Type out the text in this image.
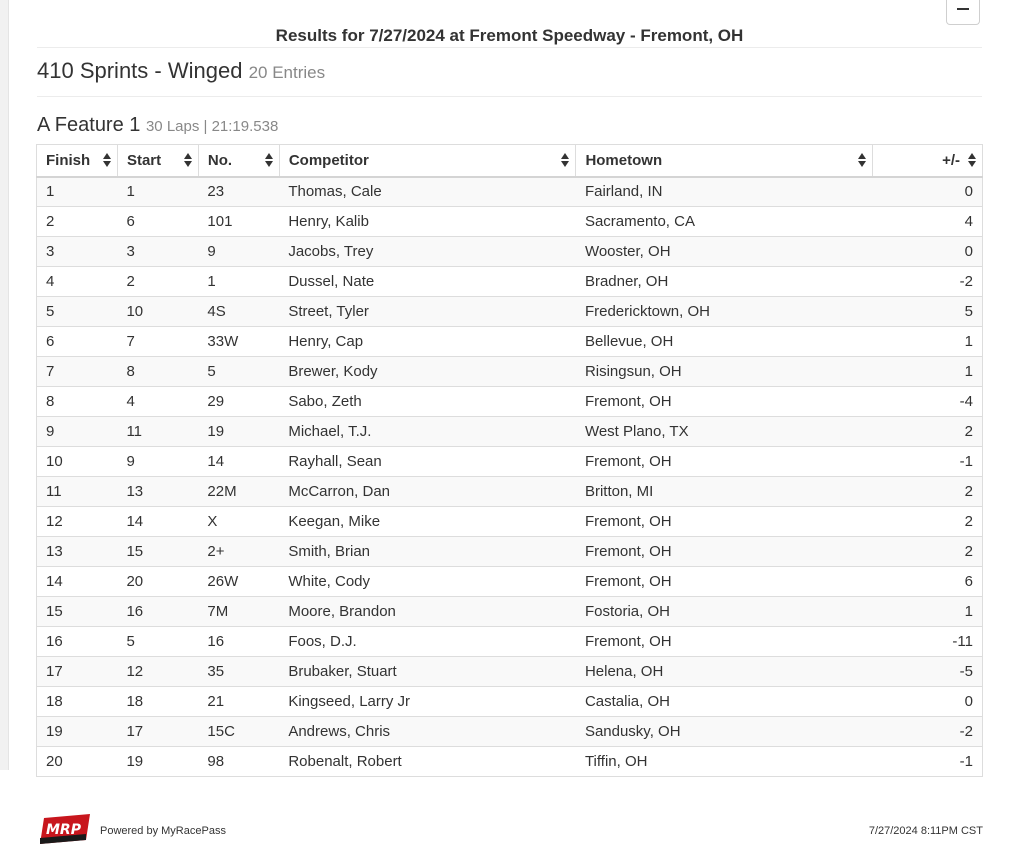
Results for 7/27/2024 at Fremont Speedway - Fremont, OH
410 Sprints - Winged 20 Entries
A Feature 1 30 Laps | 21:19.538
Finish	Start	No.	Competitor	Hometown	+/-

1	1	23	Thomas, Cale	Fairland, IN	0
2	6	101	Henry, Kalib	Sacramento, CA	4
3	3	9	Jacobs, Trey	Wooster, OH	0
4	2	1	Dussel, Nate	Bradner, OH	-2
5	10	4S	Street, Tyler	Fredericktown, OH	5
6	7	33W	Henry, Cap	Bellevue, OH	1
7	8	5	Brewer, Kody	Risingsun, OH	1
8	4	29	Sabo, Zeth	Fremont, OH	-4
9	11	19	Michael, T.J.	West Plano, TX	2
10	9	14	Rayhall, Sean	Fremont, OH	-1
11	13	22M	McCarron, Dan	Britton, MI	2
12	14	X	Keegan, Mike	Fremont, OH	2
13	15	2+	Smith, Brian	Fremont, OH	2
14	20	26W	White, Cody	Fremont, OH	6
15	16	7M	Moore, Brandon	Fostoria, OH	1
16	5	16	Foos, D.J.	Fremont, OH	-11
17	12	35	Brubaker, Stuart	Helena, OH	-5
18	18	21	Kingseed, Larry Jr	Castalia, OH	0
19	17	15C	Andrews, Chris	Sandusky, OH	-2
20	19	98	Robenalt, Robert	Tiffin, OH	-1
MRP Powered by MyRacePass	7/27/2024 8:11PM CST
